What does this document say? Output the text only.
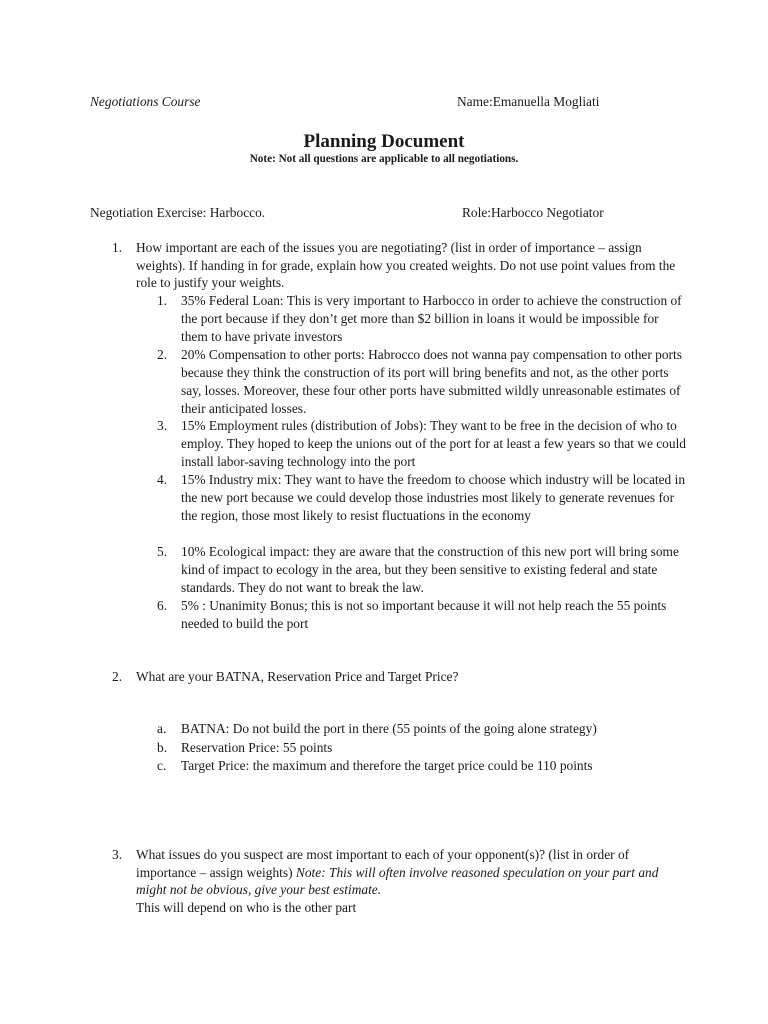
Negotiations Course	Name:Emanuella Mogliati
Planning Document
Note: Not all questions are applicable to all negotiations.
Negotiation Exercise: Harbocco.	Role:Harbocco Negotiator
1. How important are each of the issues you are negotiating? (list in order of importance – assign weights). If handing in for grade, explain how you created weights. Do not use point values from the role to justify your weights.
1. 35% Federal Loan: This is very important to Harbocco in order to achieve the construction of the port because if they don’t get more than $2 billion in loans it would be impossible for them to have private investors
2. 20% Compensation to other ports: Habrocco does not wanna pay compensation to other ports because they think the construction of its port will bring benefits and not, as the other ports say, losses. Moreover, these four other ports have submitted wildly unreasonable estimates of their anticipated losses.
3. 15% Employment rules (distribution of Jobs): They want to be free in the decision of who to employ. They hoped to keep the unions out of the port for at least a few years so that we could install labor-saving technology into the port
4. 15% Industry mix: They want to have the freedom to choose which industry will be located in the new port because we could develop those industries most likely to generate revenues for the region, those most likely to resist fluctuations in the economy
5. 10% Ecological impact: they are aware that the construction of this new port will bring some kind of impact to ecology in the area, but they been sensitive to existing federal and state standards. They do not want to break the law.
6. 5% : Unanimity Bonus; this is not so important because it will not help reach the 55 points needed to build the port
2. What are your BATNA, Reservation Price and Target Price?
a. BATNA: Do not build the port in there (55 points of the going alone strategy)
b. Reservation Price: 55 points
c. Target Price: the maximum and therefore the target price could be 110 points
3. What issues do you suspect are most important to each of your opponent(s)? (list in order of importance – assign weights) Note: This will often involve reasoned speculation on your part and might not be obvious, give your best estimate.
This will depend on who is the other part
